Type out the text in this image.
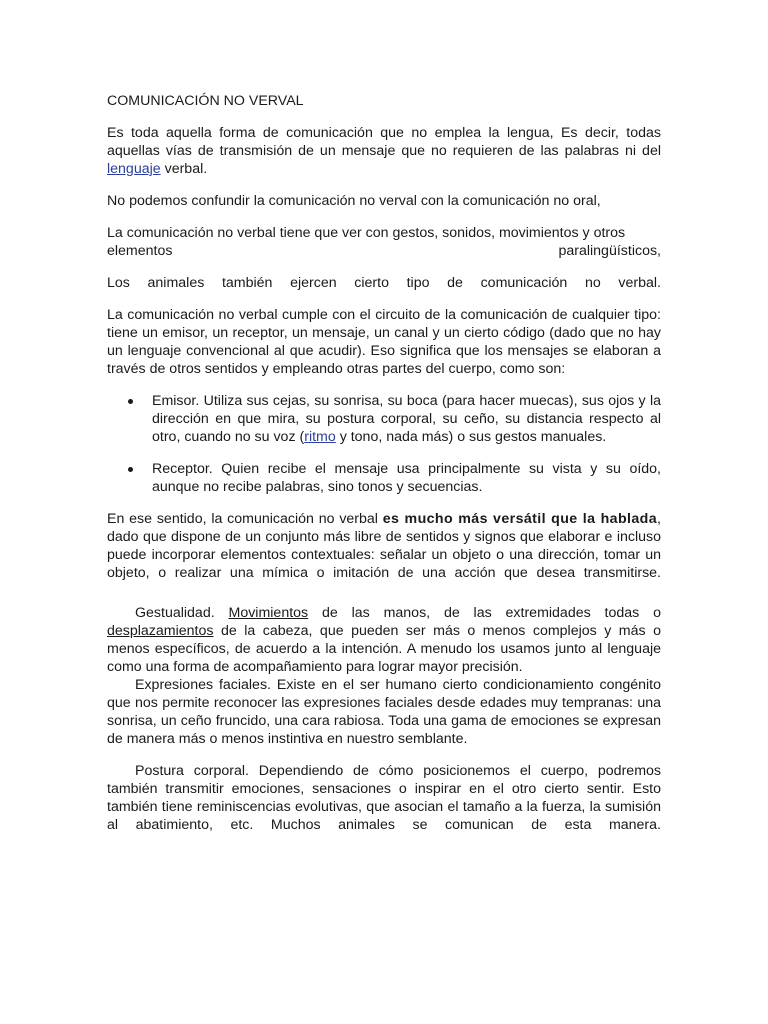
COMUNICACIÓN NO VERVAL

Es toda aquella forma de comunicación que no emplea la lengua, Es decir, todas aquellas vías de transmisión de un mensaje que no requieren de las palabras ni del lenguaje verbal.

No podemos confundir la comunicación no verval con la comunicación no oral,

La comunicación no verbal tiene que ver con gestos, sonidos, movimientos y otros

elementos	paralingüísticos,

Los animales también ejercen cierto tipo de comunicación no verbal.

La comunicación no verbal cumple con el circuito de la comunicación de cualquier tipo: tiene un emisor, un receptor, un mensaje, un canal y un cierto código (dado que no hay un lenguaje convencional al que acudir). Eso significa que los mensajes se elaboran a través de otros sentidos y empleando otras partes del cuerpo, como son:

Emisor. Utiliza sus cejas, su sonrisa, su boca (para hacer muecas), sus ojos y la dirección en que mira, su postura corporal, su ceño, su distancia respecto al otro, cuando no su voz (ritmo y tono, nada más) o sus gestos manuales.
Receptor. Quien recibe el mensaje usa principalmente su vista y su oído, aunque no recibe palabras, sino tonos y secuencias.

En ese sentido, la comunicación no verbal es mucho más versátil que la hablada, dado que dispone de un conjunto más libre de sentidos y signos que elaborar e incluso puede incorporar elementos contextuales: señalar un objeto o una dirección, tomar un objeto, o realizar una mímica o imitación de una acción que desea transmitirse.

Gestualidad. Movimientos de las manos, de las extremidades todas o desplazamientos de la cabeza, que pueden ser más o menos complejos y más o menos específicos, de acuerdo a la intención. A menudo los usamos junto al lenguaje como una forma de acompañamiento para lograr mayor precisión.

Expresiones faciales. Existe en el ser humano cierto condicionamiento congénito que nos permite reconocer las expresiones faciales desde edades muy tempranas: una sonrisa, un ceño fruncido, una cara rabiosa. Toda una gama de emociones se expresan de manera más o menos instintiva en nuestro semblante.

Postura corporal. Dependiendo de cómo posicionemos el cuerpo, podremos también transmitir emociones, sensaciones o inspirar en el otro cierto sentir. Esto también tiene reminiscencias evolutivas, que asocian el tamaño a la fuerza, la sumisión al abatimiento, etc. Muchos animales se comunican de esta manera.
